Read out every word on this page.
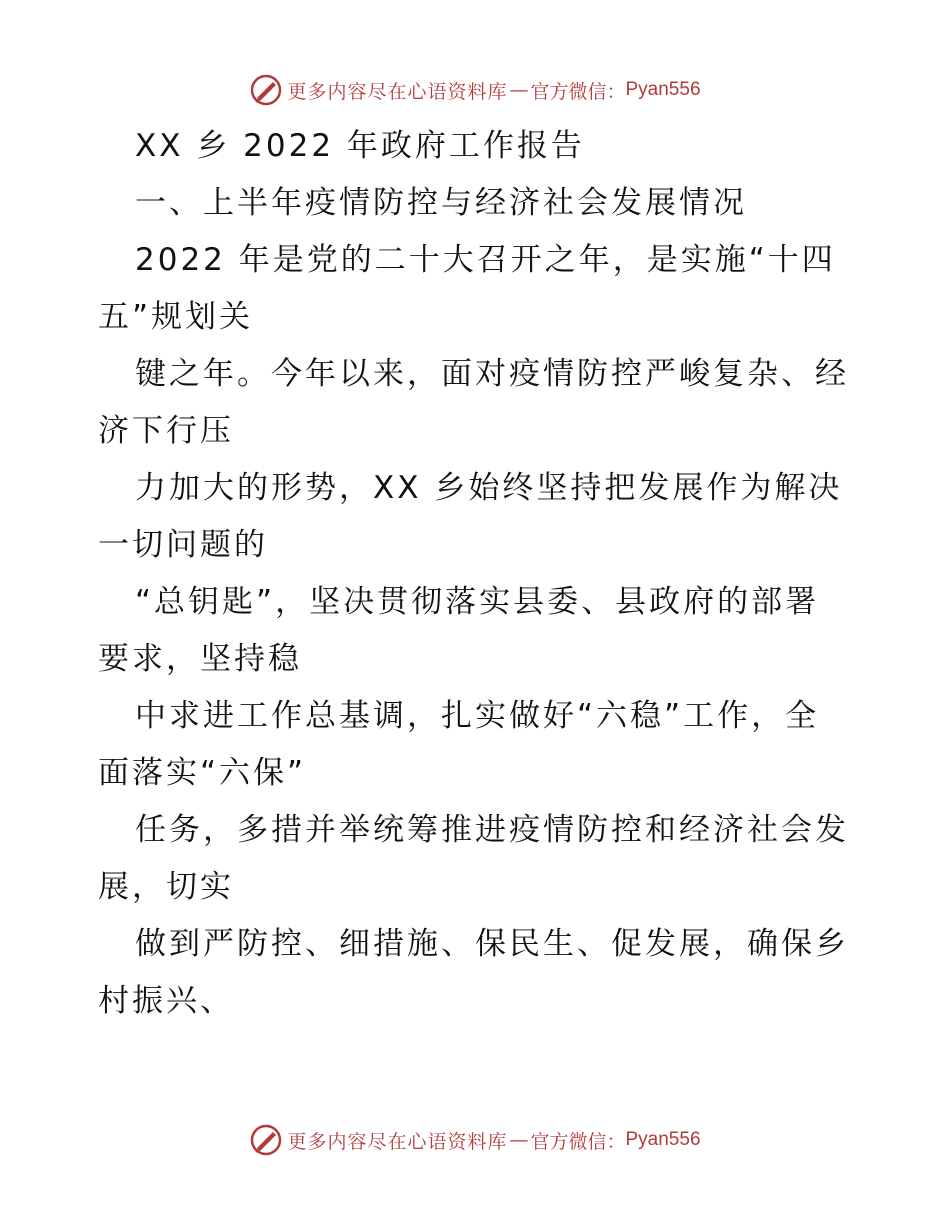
更多内容尽在心语资料库 — 官方微信： Pyan556
XX 乡 2022 年政府工作报告
一、上半年疫情防控与经济社会发展情况
2022 年是党的二十大召开之年，是实施“十四
五”规划关
键之年。今年以来，面对疫情防控严峻复杂、经
济下行压
力加大的形势，XX 乡始终坚持把发展作为解决
一切问题的
“总钥匙”，坚决贯彻落实县委、县政府的部署
要求，坚持稳
中求进工作总基调，扎实做好“六稳”工作，全
面落实“六保”
任务，多措并举统筹推进疫情防控和经济社会发
展，切实
做到严防控、细措施、保民生、促发展，确保乡
村振兴、
更多内容尽在心语资料库 — 官方微信： Pyan556
